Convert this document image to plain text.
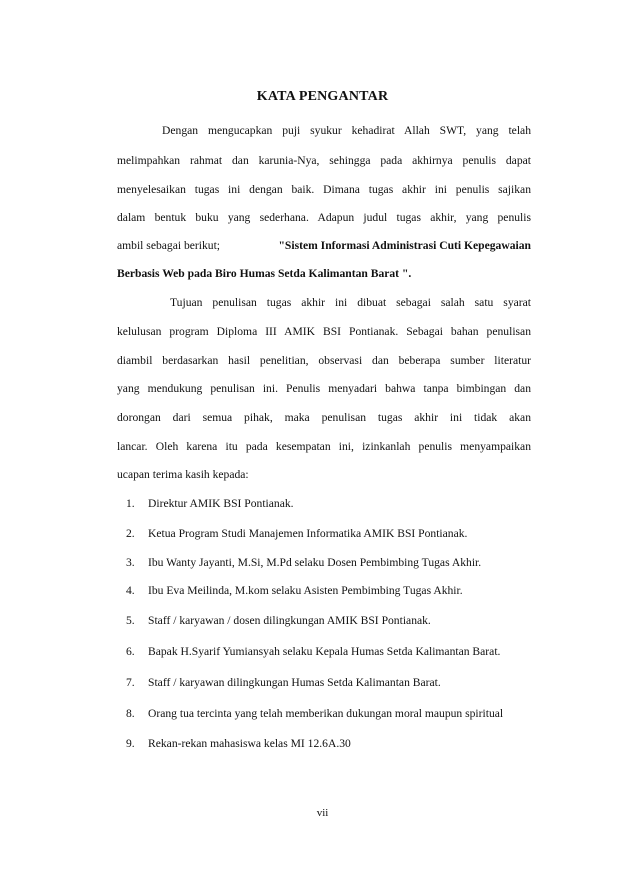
KATA PENGANTAR
Dengan mengucapkan puji syukur kehadirat Allah SWT, yang telah
melimpahkan rahmat dan karunia-Nya, sehingga pada akhirnya penulis dapat
menyelesaikan tugas ini dengan baik. Dimana tugas akhir ini penulis sajikan
dalam bentuk buku yang sederhana. Adapun judul tugas akhir, yang penulis
ambil sebagai berikut;	"Sistem Informasi Administrasi Cuti Kepegawaian
Berbasis Web pada Biro Humas Setda Kalimantan Barat ".
Tujuan penulisan tugas akhir ini dibuat sebagai salah satu syarat
kelulusan program Diploma III AMIK BSI Pontianak. Sebagai bahan penulisan
diambil berdasarkan hasil penelitian, observasi dan beberapa sumber literatur
yang mendukung penulisan ini. Penulis menyadari bahwa tanpa bimbingan dan
dorongan dari semua pihak, maka penulisan tugas akhir ini tidak akan
lancar. Oleh karena itu pada kesempatan ini, izinkanlah penulis menyampaikan
ucapan terima kasih kepada:
1. Direktur AMIK BSI Pontianak.
2. Ketua Program Studi Manajemen Informatika AMIK BSI Pontianak.
3. Ibu Wanty Jayanti, M.Si, M.Pd selaku Dosen Pembimbing Tugas Akhir.
4. Ibu Eva Meilinda, M.kom selaku Asisten Pembimbing Tugas Akhir.
5. Staff / karyawan / dosen dilingkungan AMIK BSI Pontianak.
6. Bapak H.Syarif Yumiansyah selaku Kepala Humas Setda Kalimantan Barat.
7. Staff / karyawan dilingkungan Humas Setda Kalimantan Barat.
8. Orang tua tercinta yang telah memberikan dukungan moral maupun spiritual
9. Rekan-rekan mahasiswa kelas MI 12.6A.30
vii
